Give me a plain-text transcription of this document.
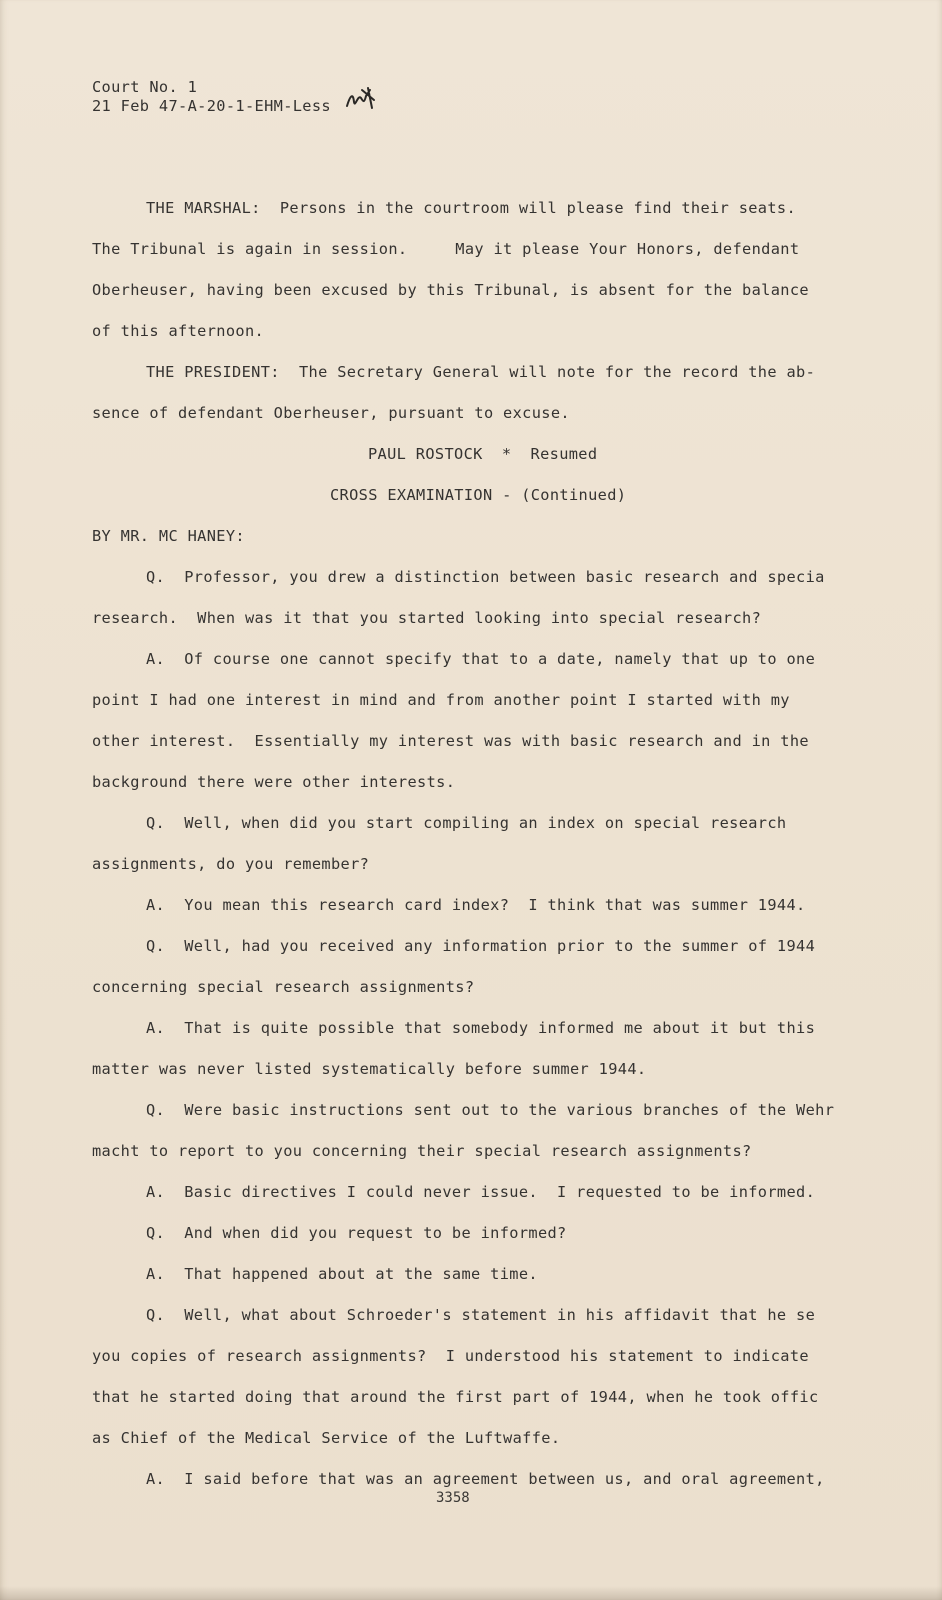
Court No. 1
21 Feb 47-A-20-1-EHM-Less
THE MARSHAL:  Persons in the courtroom will please find their seats.
The Tribunal is again in session.     May it please Your Honors, defendant
Oberheuser, having been excused by this Tribunal, is absent for the balance
of this afternoon.
THE PRESIDENT:  The Secretary General will note for the record the ab-
sence of defendant Oberheuser, pursuant to excuse.
PAUL ROSTOCK  *  Resumed
CROSS EXAMINATION - (Continued)
BY MR. MC HANEY:
Q.  Professor, you drew a distinction between basic research and specia
research.  When was it that you started looking into special research?
A.  Of course one cannot specify that to a date, namely that up to one
point I had one interest in mind and from another point I started with my
other interest.  Essentially my interest was with basic research and in the
background there were other interests.
Q.  Well, when did you start compiling an index on special research
assignments, do you remember?
A.  You mean this research card index?  I think that was summer 1944.
Q.  Well, had you received any information prior to the summer of 1944
concerning special research assignments?
A.  That is quite possible that somebody informed me about it but this
matter was never listed systematically before summer 1944.
Q.  Were basic instructions sent out to the various branches of the Wehr
macht to report to you concerning their special research assignments?
A.  Basic directives I could never issue.  I requested to be informed.
Q.  And when did you request to be informed?
A.  That happened about at the same time.
Q.  Well, what about Schroeder's statement in his affidavit that he se
you copies of research assignments?  I understood his statement to indicate
that he started doing that around the first part of 1944, when he took offic
as Chief of the Medical Service of the Luftwaffe.
A.  I said before that was an agreement between us, and oral agreement,
3358
